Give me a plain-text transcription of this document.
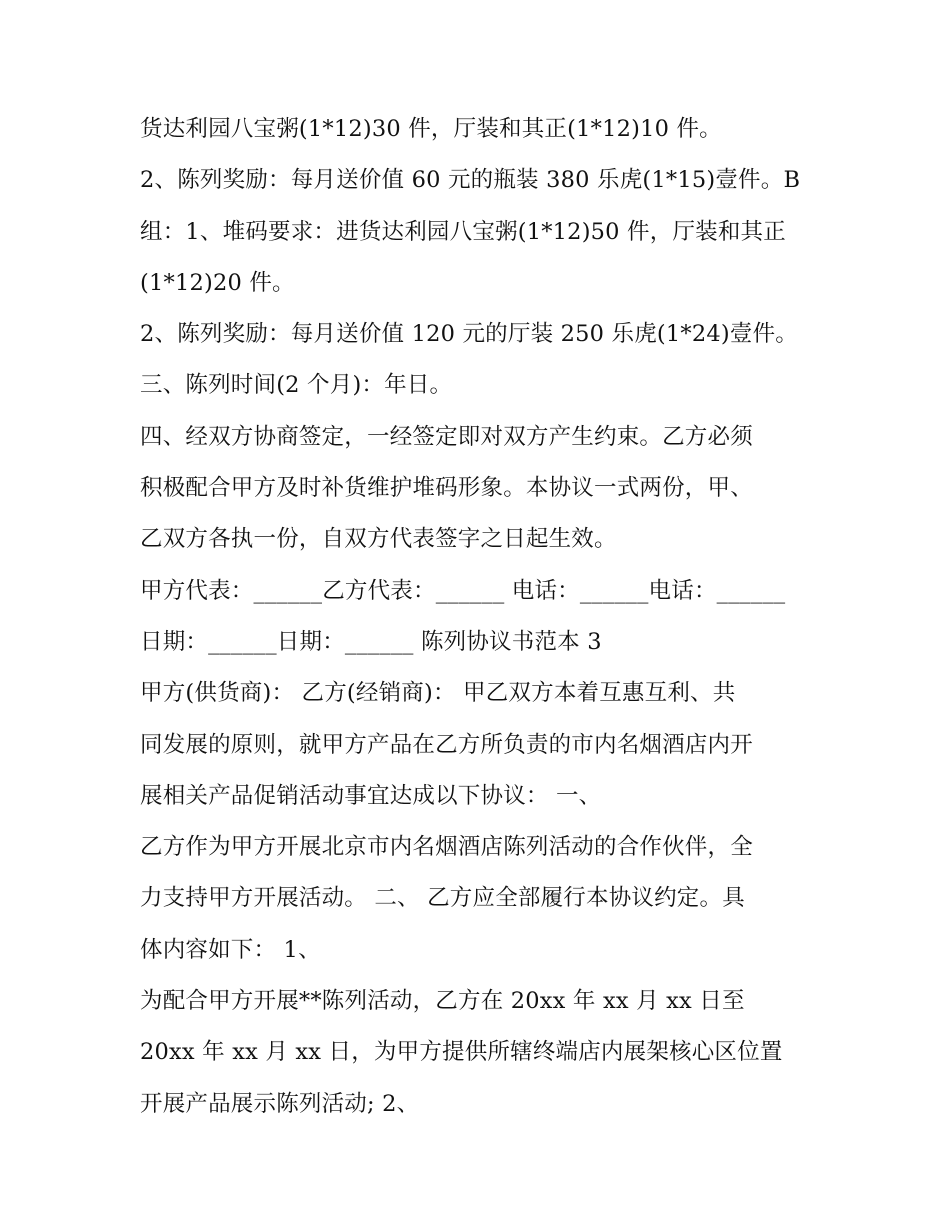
货达利园八宝粥(1*12)30 件，厅装和其正(1*12)10 件。
2、陈列奖励：每月送价值 60 元的瓶装 380 乐虎(1*15)壹件。B
组：1、堆码要求：进货达利园八宝粥(1*12)50 件，厅装和其正
(1*12)20 件。
2、陈列奖励：每月送价值 120 元的厅装 250 乐虎(1*24)壹件。
三、陈列时间(2 个月)：年日。
四、经双方协商签定，一经签定即对双方产生约束。乙方必须
积极配合甲方及时补货维护堆码形象。本协议一式两份，甲、
乙双方各执一份，自双方代表签字之日起生效。
甲方代表：______乙方代表：______ 电话：______电话：______
日期：______日期：______ 陈列协议书范本 3
甲方(供货商)： 乙方(经销商)： 甲乙双方本着互惠互利、共
同发展的原则，就甲方产品在乙方所负责的市内名烟酒店内开
展相关产品促销活动事宜达成以下协议： 一、
乙方作为甲方开展北京市内名烟酒店陈列活动的合作伙伴，全
力支持甲方开展活动。 二、 乙方应全部履行本协议约定。具
体内容如下： 1、
为配合甲方开展**陈列活动，乙方在 20xx 年 xx 月 xx 日至
20xx 年 xx 月 xx 日，为甲方提供所辖终端店内展架核心区位置
开展产品展示陈列活动; 2、
